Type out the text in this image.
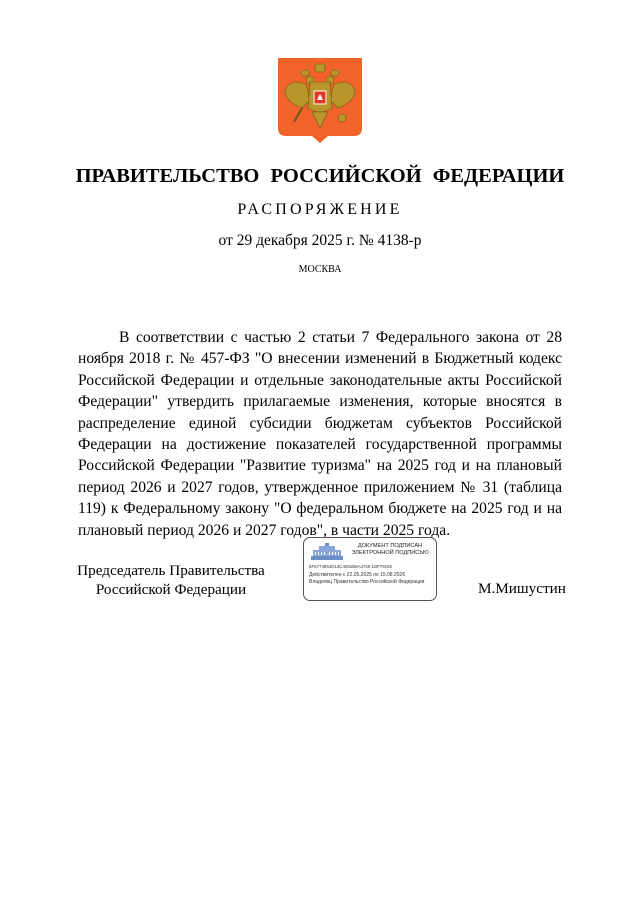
ПРАВИТЕЛЬСТВО РОССИЙСКОЙ ФЕДЕРАЦИИ
РАСПОРЯЖЕНИЕ
от 29 декабря 2025 г. № 4138-р
МОСКВА

В соответствии с частью 2 статьи 7 Федерального закона от 28 ноября 2018 г. № 457-ФЗ "О внесении изменений в Бюджетный кодекс Российской Федерации и отдельные законодательные акты Российской Федерации" утвердить прилагаемые изменения, которые вносятся в распределение единой субсидии бюджетам субъектов Российской Федерации на достижение показателей государственной программы Российской Федерации "Развитие туризма" на 2025 год и на плановый период 2026 и 2027 годов, утвержденное приложением № 31 (таблица 119) к Федеральному закону "О федеральном бюджете на 2025 год и на плановый период 2026 и 2027 годов", в части 2025 года.

Председатель Правительства
Российской Федерации
ДОКУМЕНТ ПОДПИСАН
ЭЛЕКТРОННОЙ ПОДПИСЬЮ
6F6774854D13C4081B8A4728 1DF79155
Действителен с 22.05.2025 по 15.08.2026
Владелец Правительство Российской Федерации	М.Мишустин
